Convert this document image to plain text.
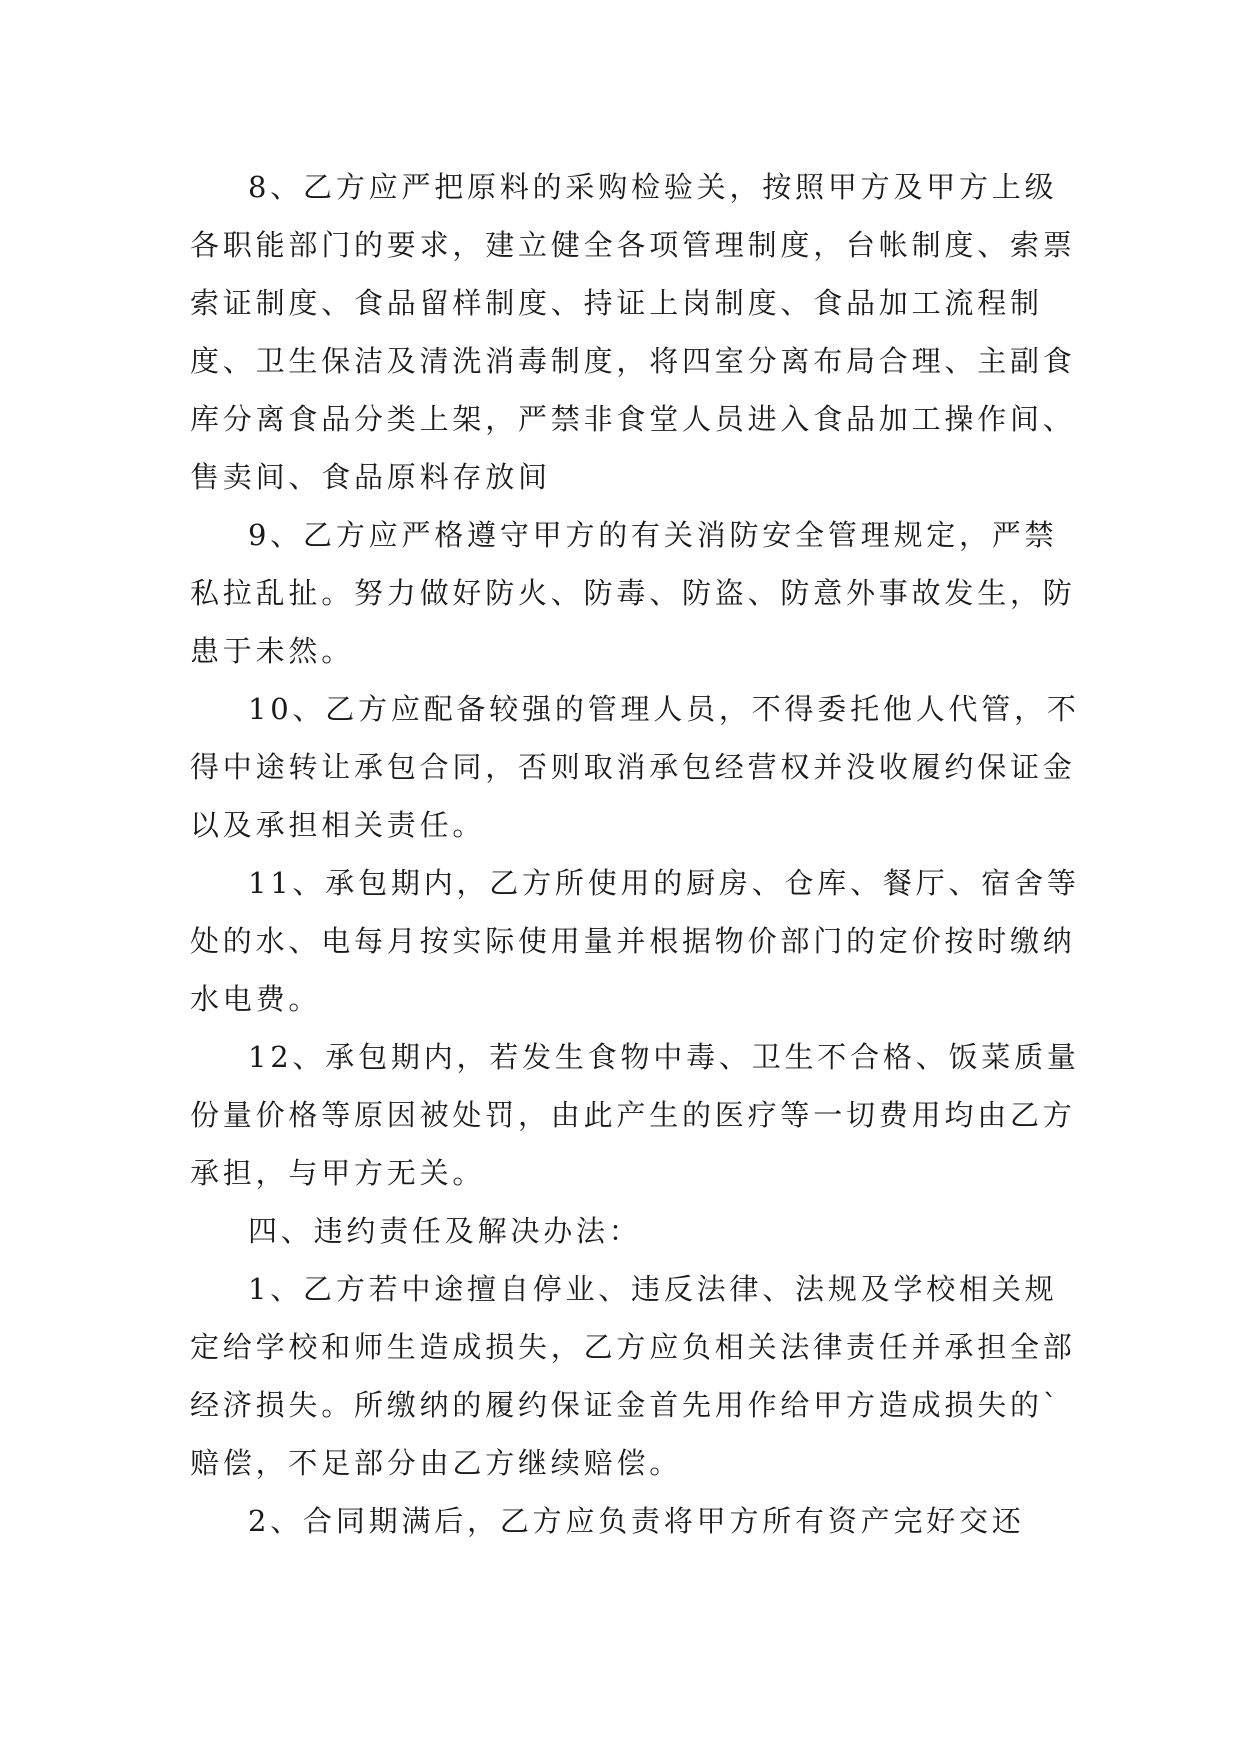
8、乙方应严把原料的采购检验关，按照甲方及甲方上级各职能部门的要求，建立健全各项管理制度，台帐制度、索票索证制度、食品留样制度、持证上岗制度、食品加工流程制度、卫生保洁及清洗消毒制度，将四室分离布局合理、主副食库分离食品分类上架，严禁非食堂人员进入食品加工操作间、售卖间、食品原料存放间

9、乙方应严格遵守甲方的有关消防安全管理规定，严禁私拉乱扯。努力做好防火、防毒、防盗、防意外事故发生，防患于未然。

10、乙方应配备较强的管理人员，不得委托他人代管，不得中途转让承包合同，否则取消承包经营权并没收履约保证金以及承担相关责任。

11、承包期内，乙方所使用的厨房、仓库、餐厅、宿舍等处的水、电每月按实际使用量并根据物价部门的定价按时缴纳水电费。

12、承包期内，若发生食物中毒、卫生不合格、饭菜质量份量价格等原因被处罚，由此产生的医疗等一切费用均由乙方承担，与甲方无关。

四、违约责任及解决办法：

1、乙方若中途擅自停业、违反法律、法规及学校相关规定给学校和师生造成损失，乙方应负相关法律责任并承担全部经济损失。所缴纳的履约保证金首先用作给甲方造成损失的`赔偿，不足部分由乙方继续赔偿。

2、合同期满后，乙方应负责将甲方所有资产完好交还
